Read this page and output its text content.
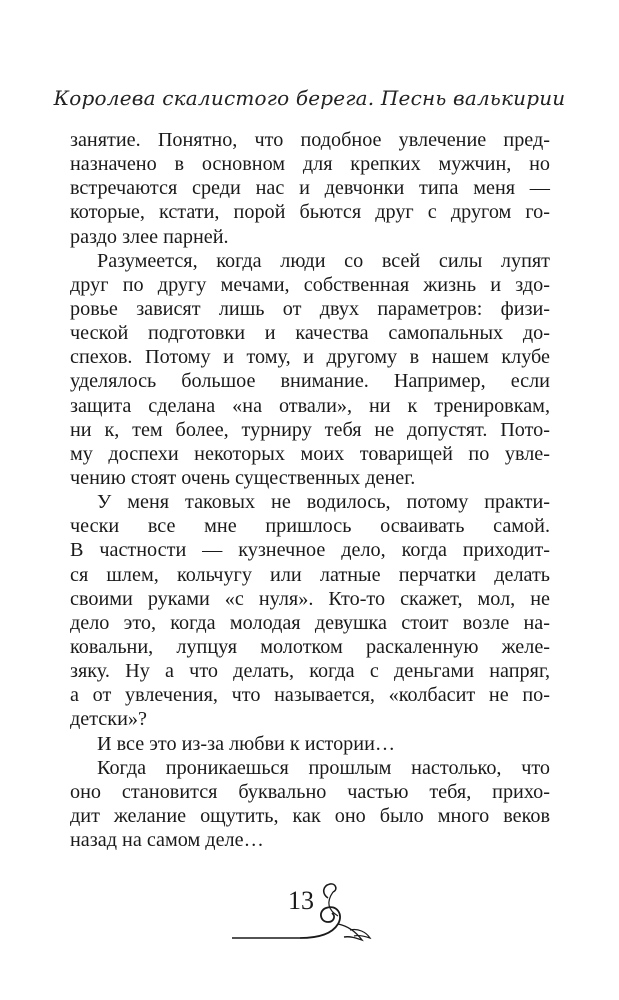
Королева скалистого берега. Песнь валькирии
занятие. Понятно, что подобное увлечение пред-
назначено в основном для крепких мужчин, но
встречаются среди нас и девчонки типа меня —
которые, кстати, порой бьются друг с другом го-
раздо злее парней.
Разумеется, когда люди со всей силы лупят
друг по другу мечами, собственная жизнь и здо-
ровье зависят лишь от двух параметров: физи-
ческой подготовки и качества самопальных до-
спехов. Потому и тому, и другому в нашем клубе
уделялось большое внимание. Например, если
защита сделана «на отвали», ни к тренировкам,
ни к, тем более, турниру тебя не допустят. Пото-
му доспехи некоторых моих товарищей по увле-
чению стоят очень существенных денег.
У меня таковых не водилось, потому практи-
чески все мне пришлось осваивать самой.
В частности — кузнечное дело, когда приходит-
ся шлем, кольчугу или латные перчатки делать
своими руками «с нуля». Кто-то скажет, мол, не
дело это, когда молодая девушка стоит возле на-
ковальни, лупцуя молотком раскаленную желе-
зяку. Ну а что делать, когда с деньгами напряг,
а от увлечения, что называется, «колбасит не по-
детски»?
И все это из-за любви к истории…
Когда проникаешься прошлым настолько, что
оно становится буквально частью тебя, прихо-
дит желание ощутить, как оно было много веков
назад на самом деле…
13
